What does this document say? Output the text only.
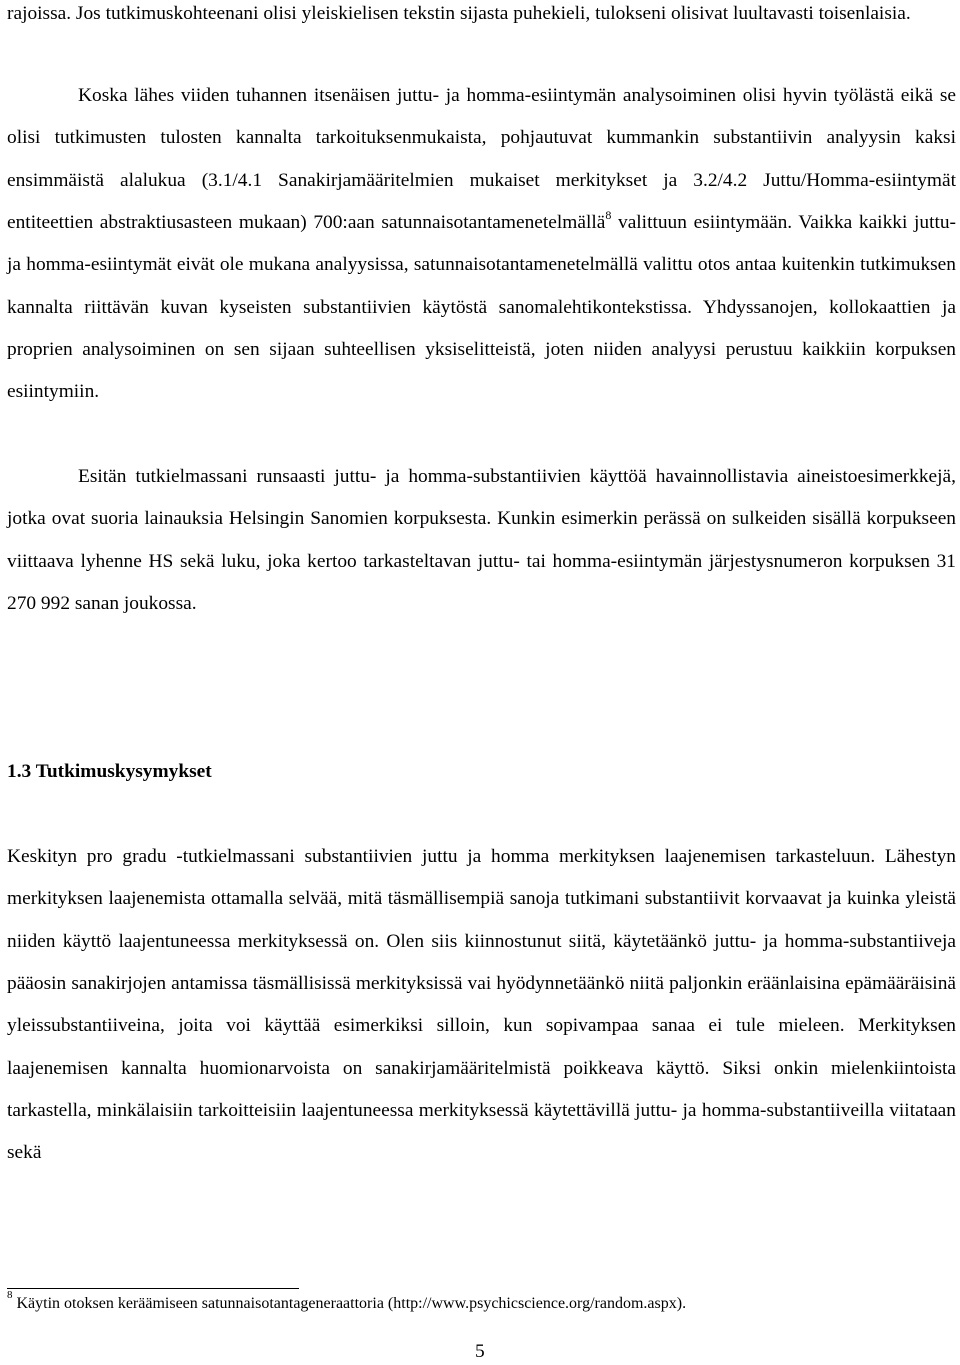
rajoissa. Jos tutkimuskohteenani olisi yleiskielisen tekstin sijasta puhekieli, tulokseni olisivat luultavasti toisenlaisia.

Koska lähes viiden tuhannen itsenäisen juttu- ja homma-esiintymän analysoiminen olisi hyvin työlästä eikä se olisi tutkimusten tulosten kannalta tarkoituksenmukaista, pohjautuvat kummankin substantiivin analyysin kaksi ensimmäistä alalukua (3.1/4.1 Sanakirjamääritelmien mukaiset merkitykset ja 3.2/4.2 Juttu/Homma-esiintymät entiteettien abstraktiusasteen mukaan) 700:aan satunnaisotantamenetelmällä$^8$ valittuun esiintymään. Vaikka kaikki juttu- ja homma-esiintymät eivät ole mukana analyysissa, satunnaisotantamenetelmällä valittu otos antaa kuitenkin tutkimuksen kannalta riittävän kuvan kyseisten substantiivien käytöstä sanomalehtikontekstissa. Yhdyssanojen, kollokaattien ja proprien analysoiminen on sen sijaan suhteellisen yksiselitteistä, joten niiden analyysi perustuu kaikkiin korpuksen esiintymiin.

Esitän tutkielmassani runsaasti juttu- ja homma-substantiivien käyttöä havainnollistavia aineistoesimerkkejä, jotka ovat suoria lainauksia Helsingin Sanomien korpuksesta. Kunkin esimerkin perässä on sulkeiden sisällä korpukseen viittaava lyhenne HS sekä luku, joka kertoo tarkasteltavan juttu- tai homma-esiintymän järjestysnumeron korpuksen 31 270 992 sanan joukossa.

1.3 Tutkimuskysymykset

Keskityn pro gradu -tutkielmassani substantiivien juttu ja homma merkityksen laajenemisen tarkasteluun. Lähestyn merkityksen laajenemista ottamalla selvää, mitä täsmällisempiä sanoja tutkimani substantiivit korvaavat ja kuinka yleistä niiden käyttö laajentuneessa merkityksessä on. Olen siis kiinnostunut siitä, käytetäänkö juttu- ja homma-substantiiveja pääosin sanakirjojen antamissa täsmällisissä merkityksissä vai hyödynnetäänkö niitä paljonkin eräänlaisina epämääräisinä yleissubstantiiveina, joita voi käyttää esimerkiksi silloin, kun sopivampaa sanaa ei tule mieleen. Merkityksen laajenemisen kannalta huomionarvoista on sanakirjamääritelmistä poikkeava käyttö. Siksi onkin mielenkiintoista tarkastella, minkälaisiin tarkoitteisiin laajentuneessa merkityksessä käytettävillä juttu- ja homma-substantiiveilla viitataan sekä

$^8$ Käytin otoksen keräämiseen satunnaisotantageneraattoria (http://www.psychicscience.org/random.aspx).

5
